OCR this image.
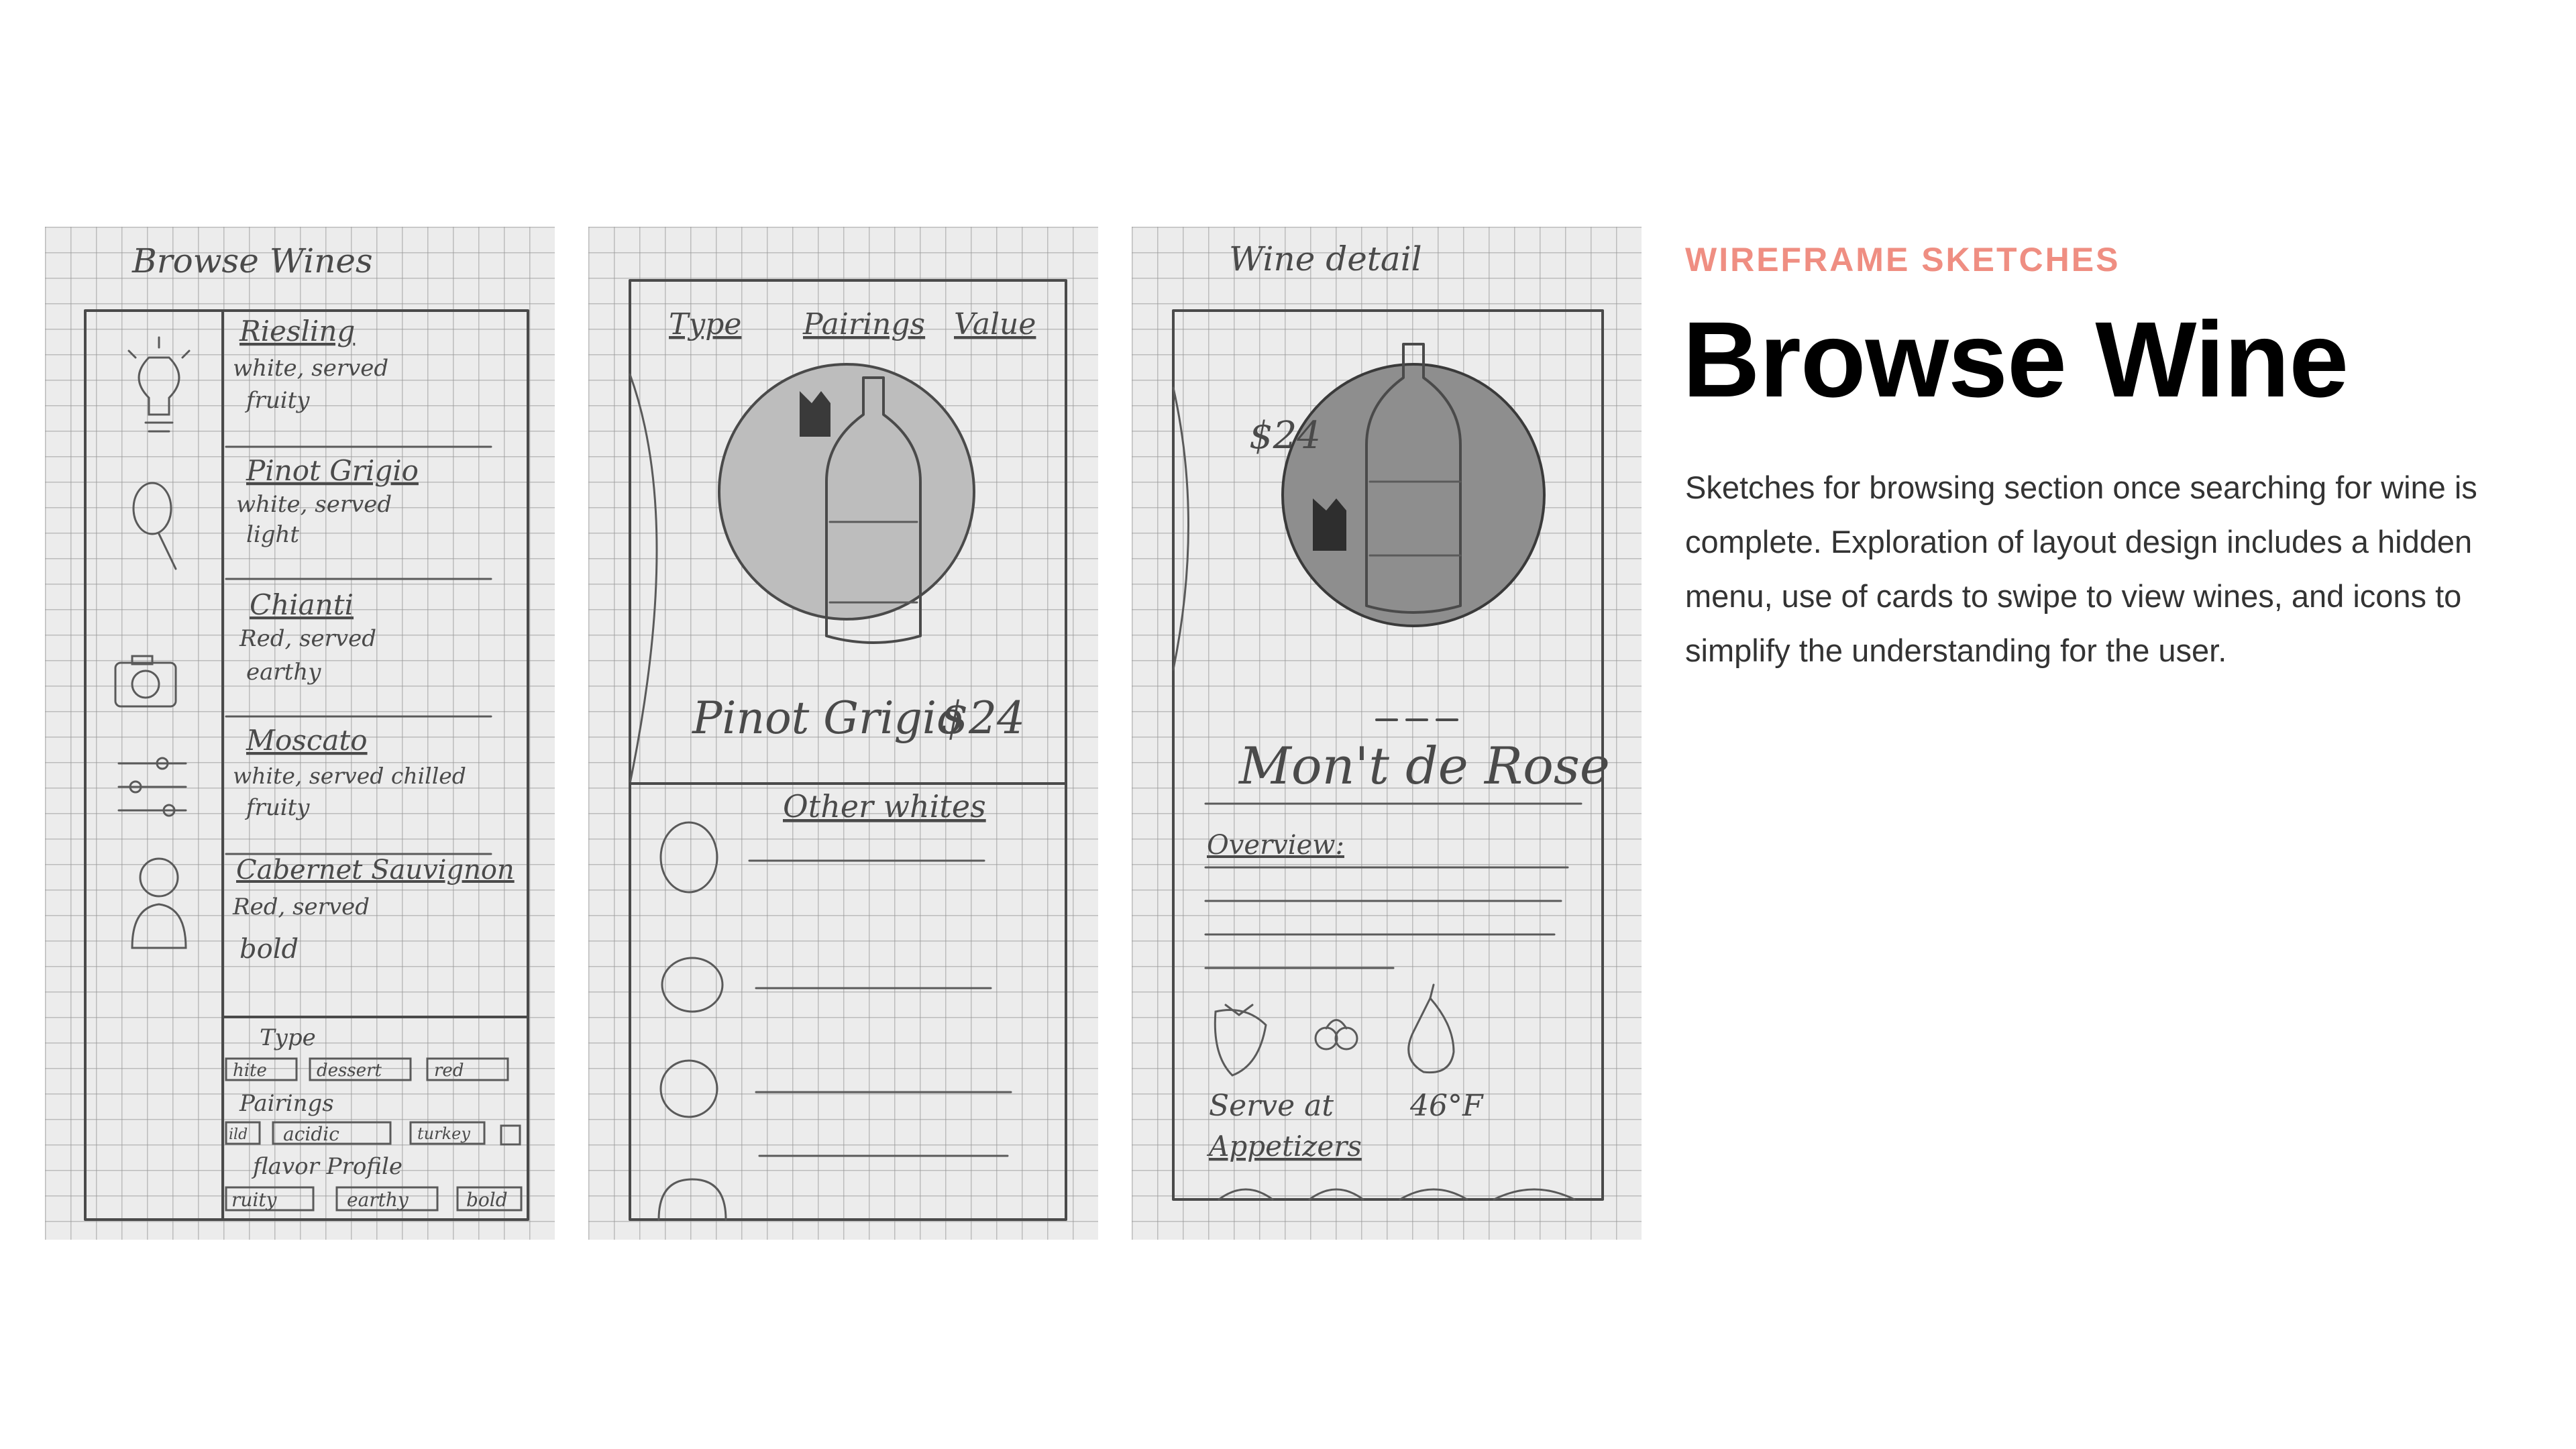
Browse Wines
Riesling
white, served
fruity
Pinot Grigio
white, served
light
Chianti
Red, served
earthy
Moscato
white, served chilled
fruity
Cabernet Sauvignon
Red, served
bold
Type
hite	dessert	red
Pairings
ild acidic	turkey
flavor Profile
ruity	earthy	bold
Type Pairings Value
Pinot Grigio
$24
Other whites
Wine detail
$24
Mon't de Rose
Overview:
Serve at	46°F
Appetizers
WIREFRAME SKETCHES
Browse Wine

Sketches for browsing section once searching for wine is complete. Exploration of layout design includes a hidden menu, use of cards to swipe to view wines, and icons to simplify the understanding for the user.
